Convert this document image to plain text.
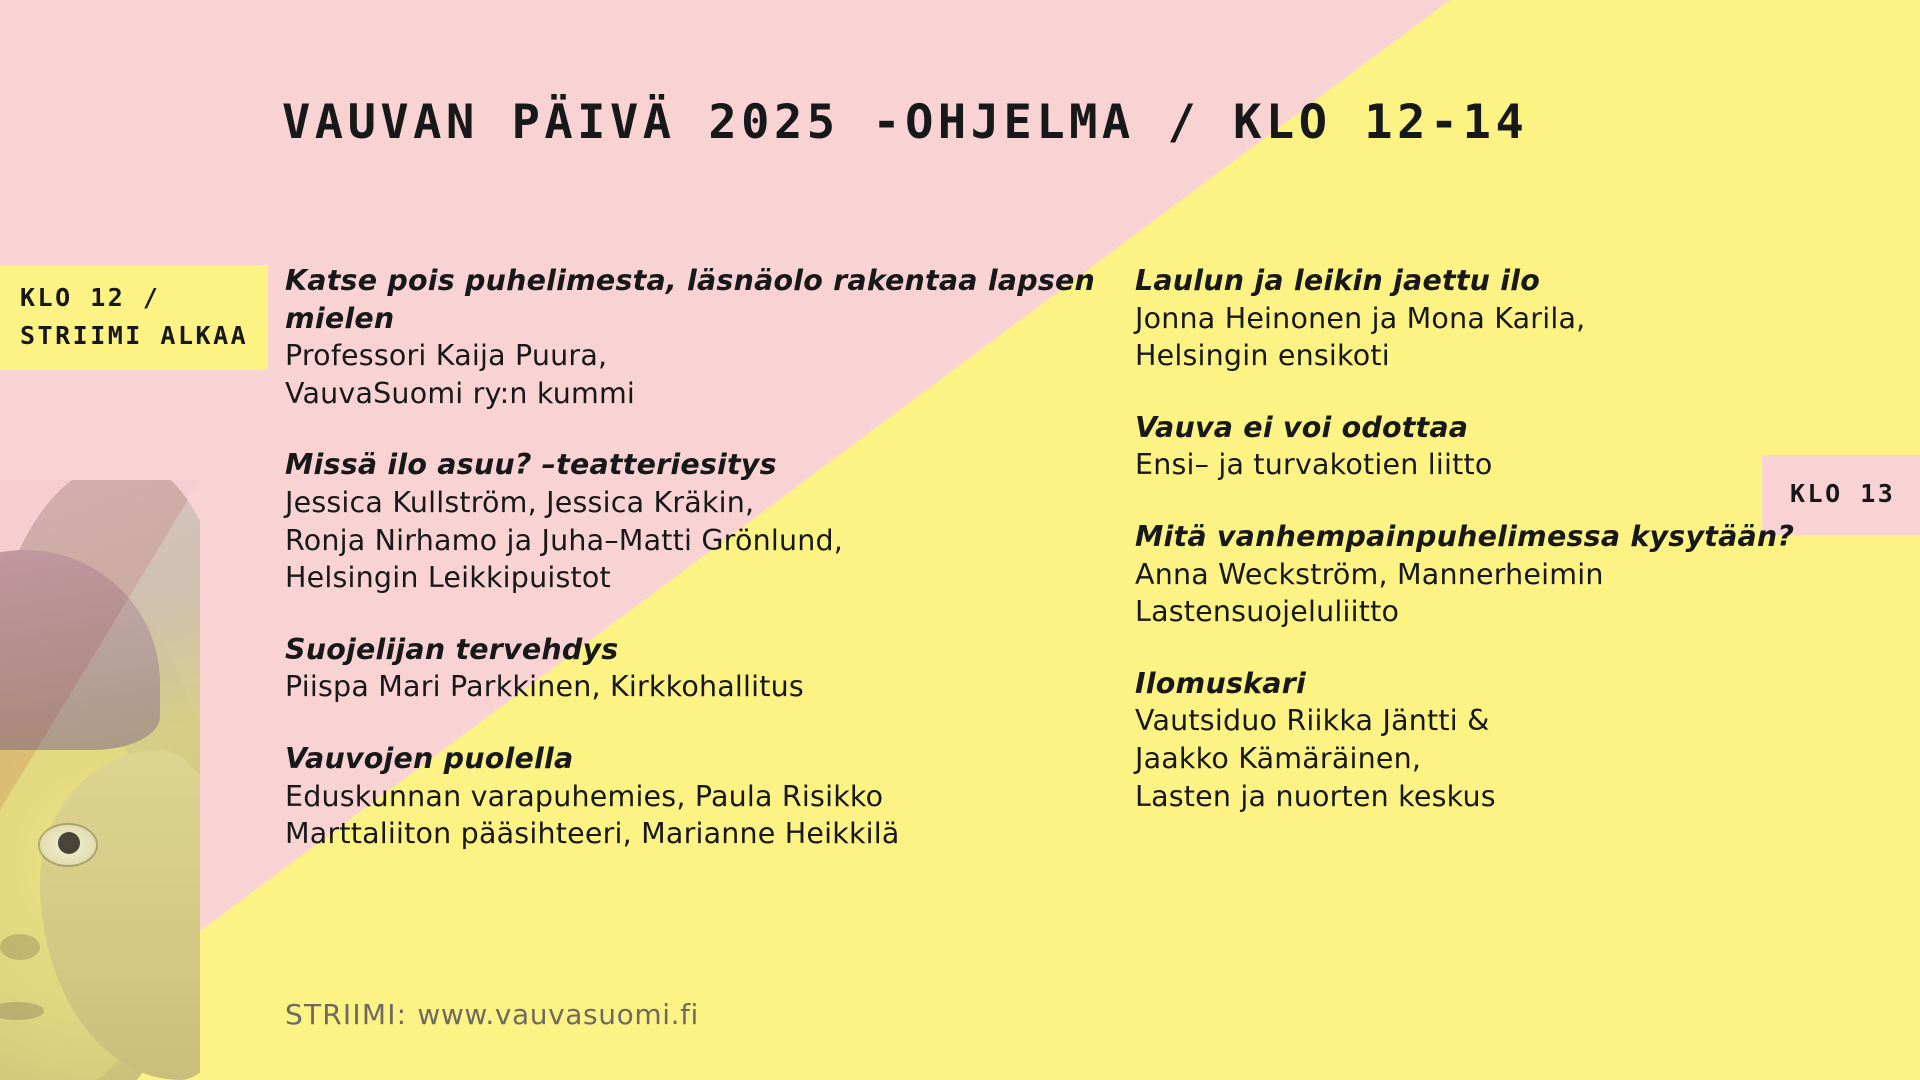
VAUVAN PÄIVÄ 2025 -OHJELMA / KLO 12-14
KLO 12 /
STRIIMI ALKAA
KLO 13
Katse pois puhelimesta, läsnäolo rakentaa lapsen mielen
Professori Kaija Puura,
VauvaSuomi ry:n kummi
Missä ilo asuu? –teatteriesitys
Jessica Kullström, Jessica Kräkin,
Ronja Nirhamo ja Juha–Matti Grönlund,
Helsingin Leikkipuistot
Suojelijan tervehdys
Piispa Mari Parkkinen, Kirkkohallitus
Vauvojen puolella
Eduskunnan varapuhemies, Paula Risikko
Marttaliiton pääsihteeri, Marianne Heikkilä
Laulun ja leikin jaettu ilo
Jonna Heinonen ja Mona Karila,
Helsingin ensikoti
Vauva ei voi odottaa
Ensi– ja turvakotien liitto
Mitä vanhempainpuhelimessa kysytään?
Anna Weckström, Mannerheimin
Lastensuojeluliitto
Ilomuskari
Vautsiduo Riikka Jäntti &
Jaakko Kämäräinen,
Lasten ja nuorten keskus
STRIIMI: www.vauvasuomi.fi
